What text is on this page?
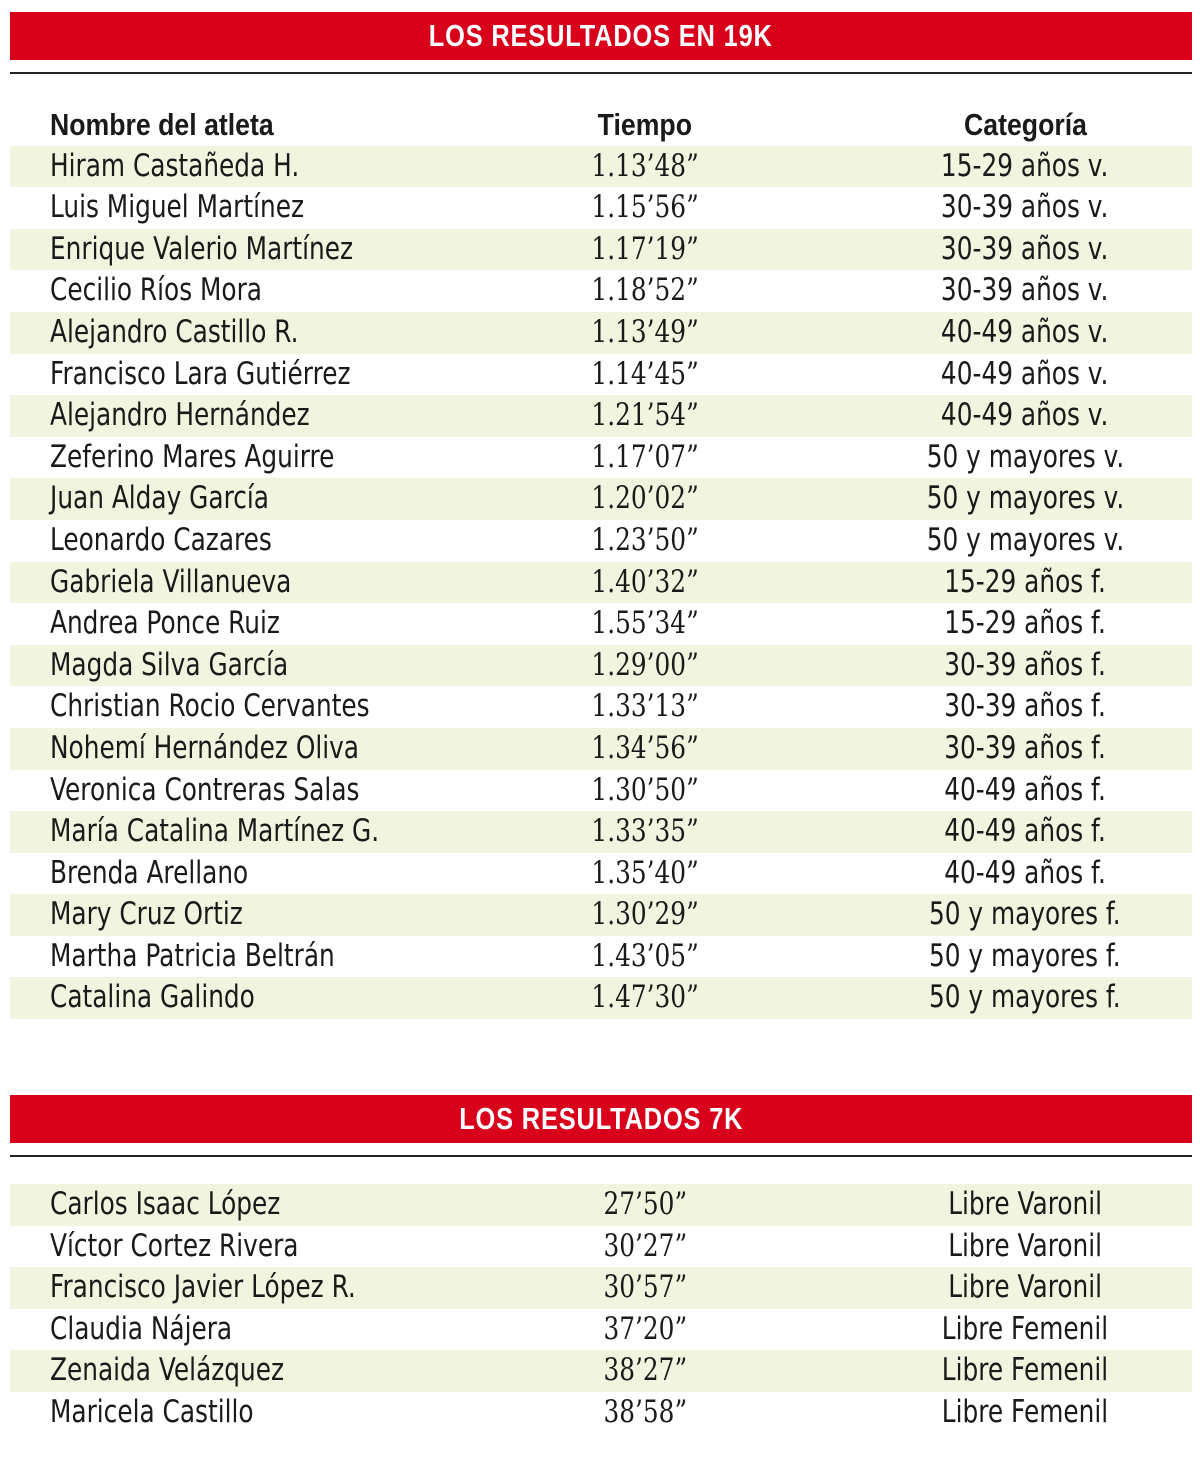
LOS RESULTADOS EN 19K
Nombre del atleta	Tiempo	Categoría
Hiram Castañeda H.	1.13’48”	15-29 años v.
Luis Miguel Martínez	1.15’56”	30-39 años v.
Enrique Valerio Martínez	1.17’19”	30-39 años v.
Cecilio Ríos Mora	1.18’52”	30-39 años v.
Alejandro Castillo R.	1.13’49”	40-49 años v.
Francisco Lara Gutiérrez	1.14’45”	40-49 años v.
Alejandro Hernández	1.21’54”	40-49 años v.
Zeferino Mares Aguirre	1.17’07”	50 y mayores v.
Juan Alday García	1.20’02”	50 y mayores v.
Leonardo Cazares	1.23’50”	50 y mayores v.
Gabriela Villanueva	1.40’32”	15-29 años f.
Andrea Ponce Ruiz	1.55’34”	15-29 años f.
Magda Silva García	1.29’00”	30-39 años f.
Christian Rocio Cervantes	1.33’13”	30-39 años f.
Nohemí Hernández Oliva	1.34’56”	30-39 años f.
Veronica Contreras Salas	1.30’50”	40-49 años f.
María Catalina Martínez G.	1.33’35”	40-49 años f.
Brenda Arellano	1.35’40”	40-49 años f.
Mary Cruz Ortiz	1.30’29”	50 y mayores f.
Martha Patricia Beltrán	1.43’05”	50 y mayores f.
Catalina Galindo	1.47’30”	50 y mayores f.
LOS RESULTADOS 7K
Carlos Isaac López	27’50”	Libre Varonil
Víctor Cortez Rivera	30’27”	Libre Varonil
Francisco Javier López R.	30’57”	Libre Varonil
Claudia Nájera	37’20”	Libre Femenil
Zenaida Velázquez	38’27”	Libre Femenil
Maricela Castillo	38’58”	Libre Femenil
